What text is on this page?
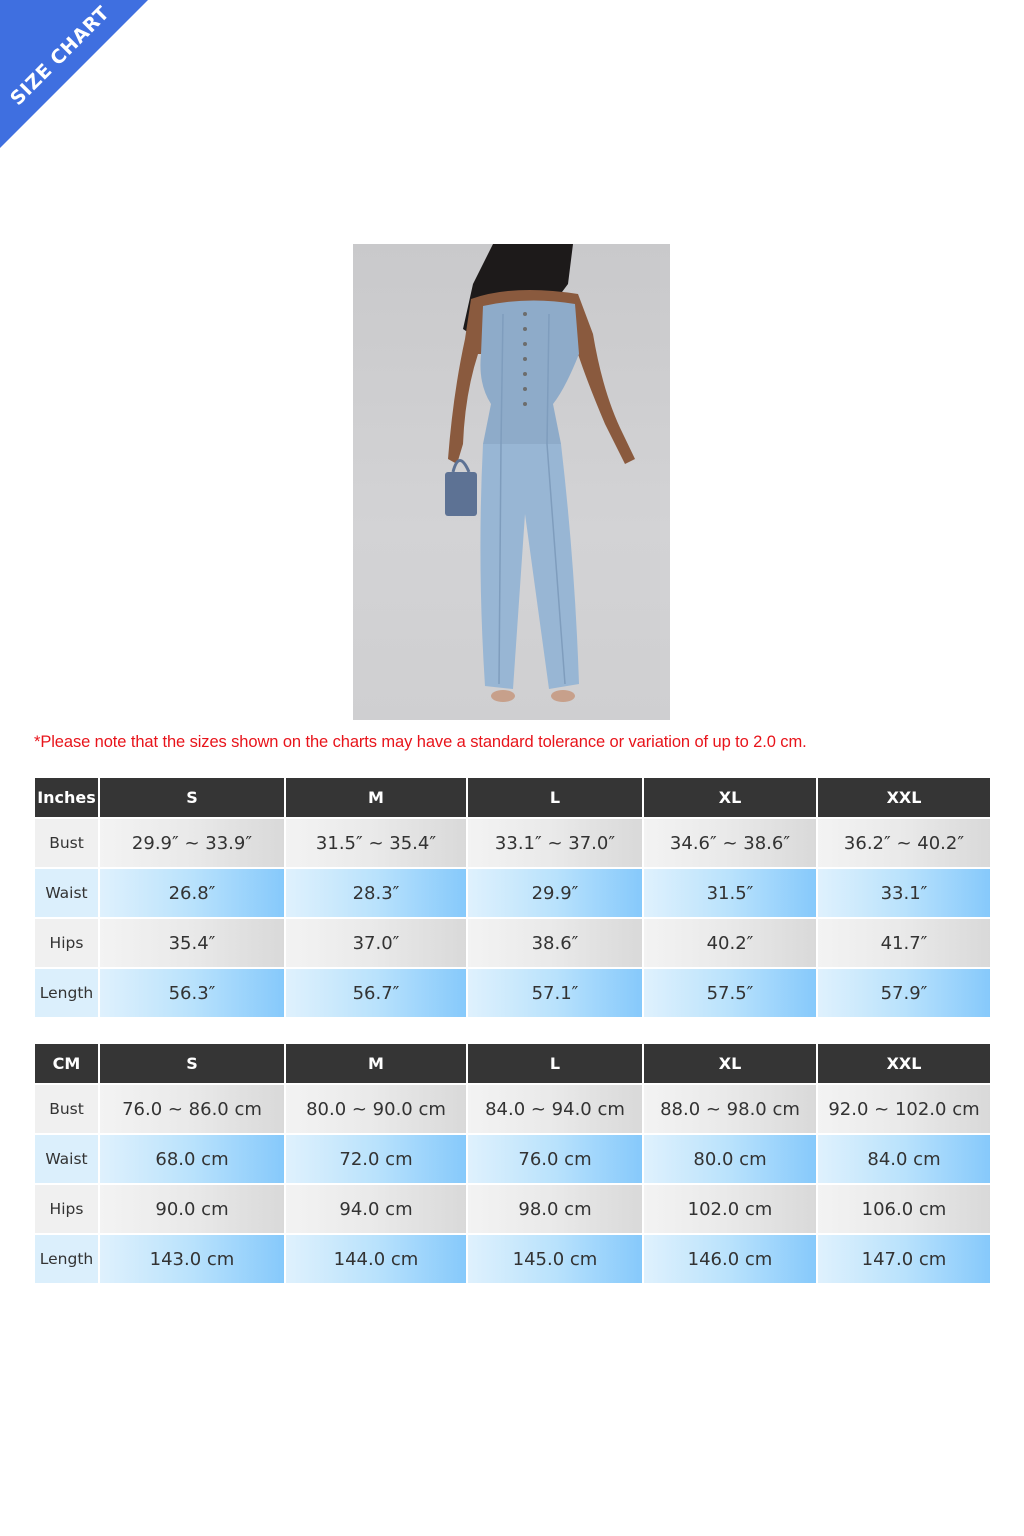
SIZE CHART
*Please note that the sizes shown on the charts may have a standard tolerance or variation of up to 2.0 cm.
Inches	S	M	L	XL	XXL
Bust	29.9″ ~ 33.9″	31.5″ ~ 35.4″	33.1″ ~ 37.0″	34.6″ ~ 38.6″	36.2″ ~ 40.2″
Waist	26.8″	28.3″	29.9″	31.5″	33.1″
Hips	35.4″	37.0″	38.6″	40.2″	41.7″
Length	56.3″	56.7″	57.1″	57.5″	57.9″
CM	S	M	L	XL	XXL
Bust	76.0 ~ 86.0 cm	80.0 ~ 90.0 cm	84.0 ~ 94.0 cm	88.0 ~ 98.0 cm	92.0 ~ 102.0 cm
Waist	68.0 cm	72.0 cm	76.0 cm	80.0 cm	84.0 cm
Hips	90.0 cm	94.0 cm	98.0 cm	102.0 cm	106.0 cm
Length	143.0 cm	144.0 cm	145.0 cm	146.0 cm	147.0 cm
